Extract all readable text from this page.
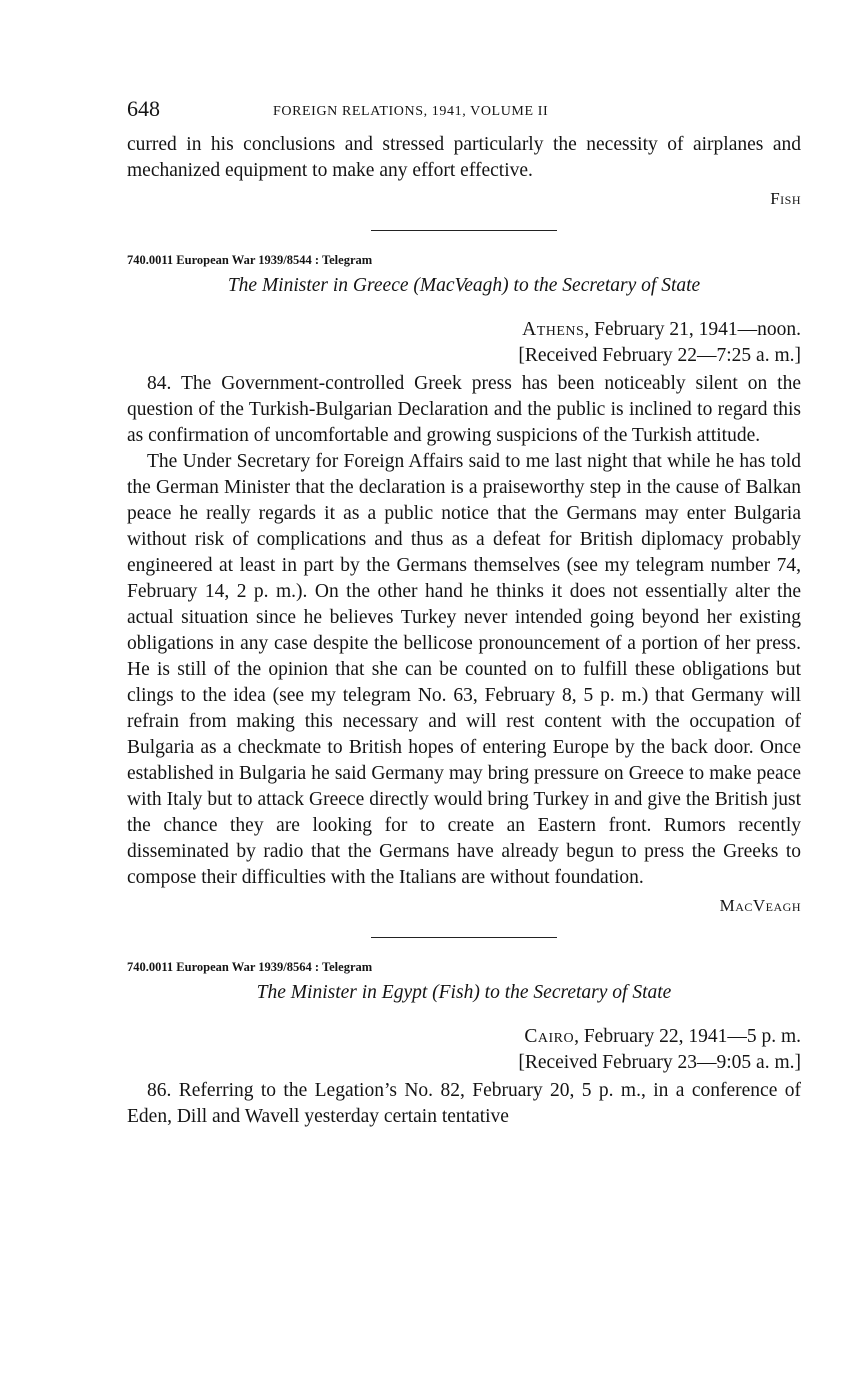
648	FOREIGN RELATIONS, 1941, VOLUME II

curred in his conclusions and stressed particularly the necessity of airplanes and mechanized equipment to make any effort effective.

Fish
740.0011 European War 1939/8544 : Telegram
The Minister in Greece (MacVeagh) to the Secretary of State
Athens, February 21, 1941—noon.
[Received February 22—7:25 a. m.]

84. The Government-controlled Greek press has been noticeably silent on the question of the Turkish-Bulgarian Declaration and the public is inclined to regard this as confirmation of uncomfortable and growing suspicions of the Turkish attitude.

The Under Secretary for Foreign Affairs said to me last night that while he has told the German Minister that the declaration is a praiseworthy step in the cause of Balkan peace he really regards it as a public notice that the Germans may enter Bulgaria without risk of complications and thus as a defeat for British diplomacy probably engineered at least in part by the Germans themselves (see my telegram number 74, February 14, 2 p. m.). On the other hand he thinks it does not essentially alter the actual situation since he believes Turkey never intended going beyond her existing obligations in any case despite the bellicose pronouncement of a portion of her press. He is still of the opinion that she can be counted on to fulfill these obligations but clings to the idea (see my telegram No. 63, February 8, 5 p. m.) that Germany will refrain from making this necessary and will rest content with the occupation of Bulgaria as a checkmate to British hopes of entering Europe by the back door. Once established in Bulgaria he said Germany may bring pressure on Greece to make peace with Italy but to attack Greece directly would bring Turkey in and give the British just the chance they are looking for to create an Eastern front. Rumors recently disseminated by radio that the Germans have already begun to press the Greeks to compose their difficulties with the Italians are without foundation.

MacVeagh
740.0011 European War 1939/8564 : Telegram
The Minister in Egypt (Fish) to the Secretary of State
Cairo, February 22, 1941—5 p. m.
[Received February 23—9:05 a. m.]

86. Referring to the Legation’s No. 82, February 20, 5 p. m., in a conference of Eden, Dill and Wavell yesterday certain tentative
